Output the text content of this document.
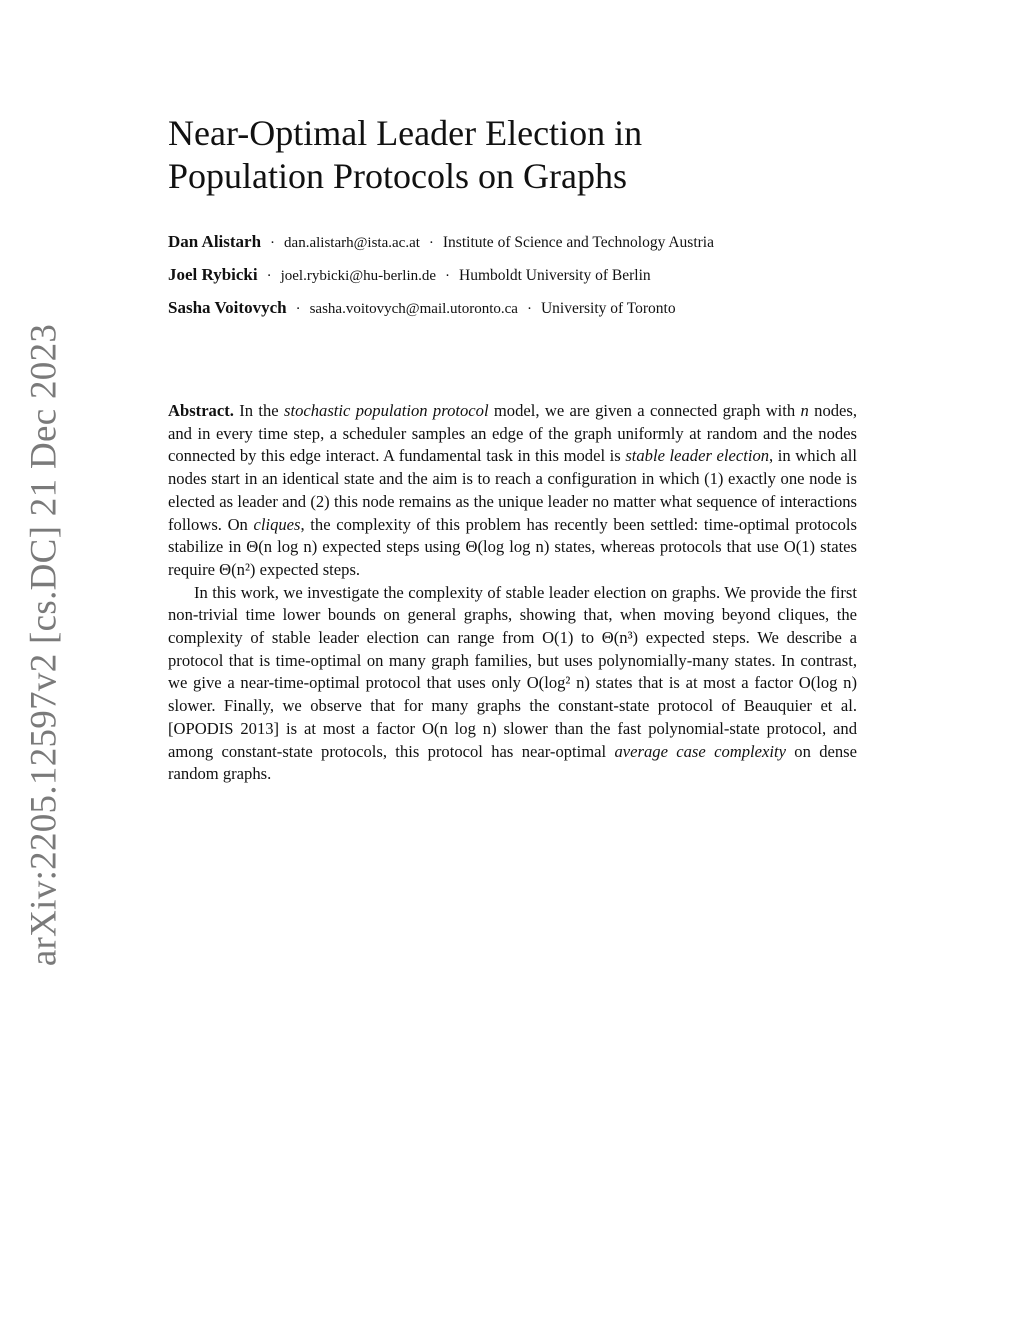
arXiv:2205.12597v2 [cs.DC] 21 Dec 2023
Near-Optimal Leader Election in
Population Protocols on Graphs
Dan Alistarh · dan.alistarh@ista.ac.at · Institute of Science and Technology Austria
Joel Rybicki · joel.rybicki@hu-berlin.de · Humboldt University of Berlin
Sasha Voitovych · sasha.voitovych@mail.utoronto.ca · University of Toronto

Abstract. In the stochastic population protocol model, we are given a connected graph with n nodes, and in every time step, a scheduler samples an edge of the graph uniformly at random and the nodes connected by this edge interact. A fundamental task in this model is stable leader election, in which all nodes start in an identical state and the aim is to reach a configuration in which (1) exactly one node is elected as leader and (2) this node remains as the unique leader no matter what sequence of interactions follows. On cliques, the complexity of this problem has recently been settled: time-optimal protocols stabilize in Θ(n log n) expected steps using Θ(log log n) states, whereas protocols that use O(1) states require Θ(n²) expected steps.

In this work, we investigate the complexity of stable leader election on graphs. We provide the first non-trivial time lower bounds on general graphs, showing that, when moving beyond cliques, the complexity of stable leader election can range from O(1) to Θ(n³) expected steps. We describe a protocol that is time-optimal on many graph families, but uses polynomially-many states. In contrast, we give a near-time-optimal protocol that uses only O(log² n) states that is at most a factor O(log n) slower. Finally, we observe that for many graphs the constant-state protocol of Beauquier et al. [OPODIS 2013] is at most a factor O(n log n) slower than the fast polynomial-state protocol, and among constant-state protocols, this protocol has near-optimal average case complexity on dense random graphs.
